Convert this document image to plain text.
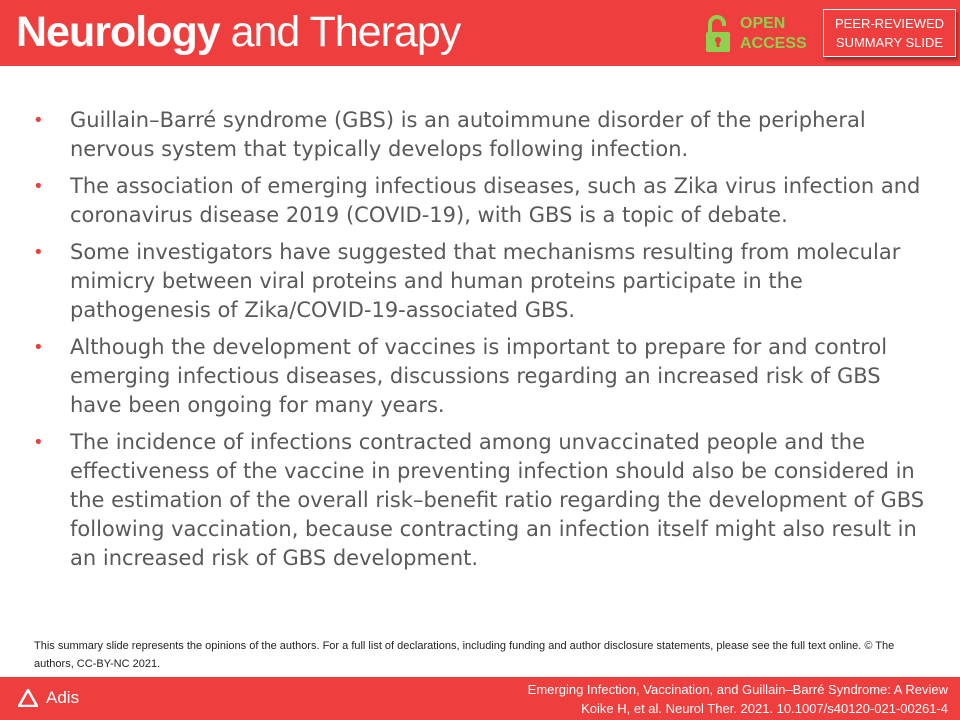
Neurology and Therapy	OPEN
ACCESS
PEER-REVIEWED
SUMMARY SLIDE
• Guillain–Barré syndrome (GBS) is an autoimmune disorder of the peripheral nervous system that typically develops following infection.
• The association of emerging infectious diseases, such as Zika virus infection and coronavirus disease 2019 (COVID-19), with GBS is a topic of debate.
• Some investigators have suggested that mechanisms resulting from molecular mimicry between viral proteins and human proteins participate in the pathogenesis of Zika/COVID-19-associated GBS.
• Although the development of vaccines is important to prepare for and control emerging infectious diseases, discussions regarding an increased risk of GBS have been ongoing for many years.
• The incidence of infections contracted among unvaccinated people and the effectiveness of the vaccine in preventing infection should also be considered in the estimation of the overall risk–benefit ratio regarding the development of GBS following vaccination, because contracting an infection itself might also result in an increased risk of GBS development.
This summary slide represents the opinions of the authors. For a full list of declarations, including funding and author disclosure statements, please see the full text online. © The authors, CC-BY-NC 2021.
Adis	Emerging Infection, Vaccination, and Guillain–Barré Syndrome: A Review
Koike H, et al. Neurol Ther. 2021. 10.1007/s40120-021-00261-4
